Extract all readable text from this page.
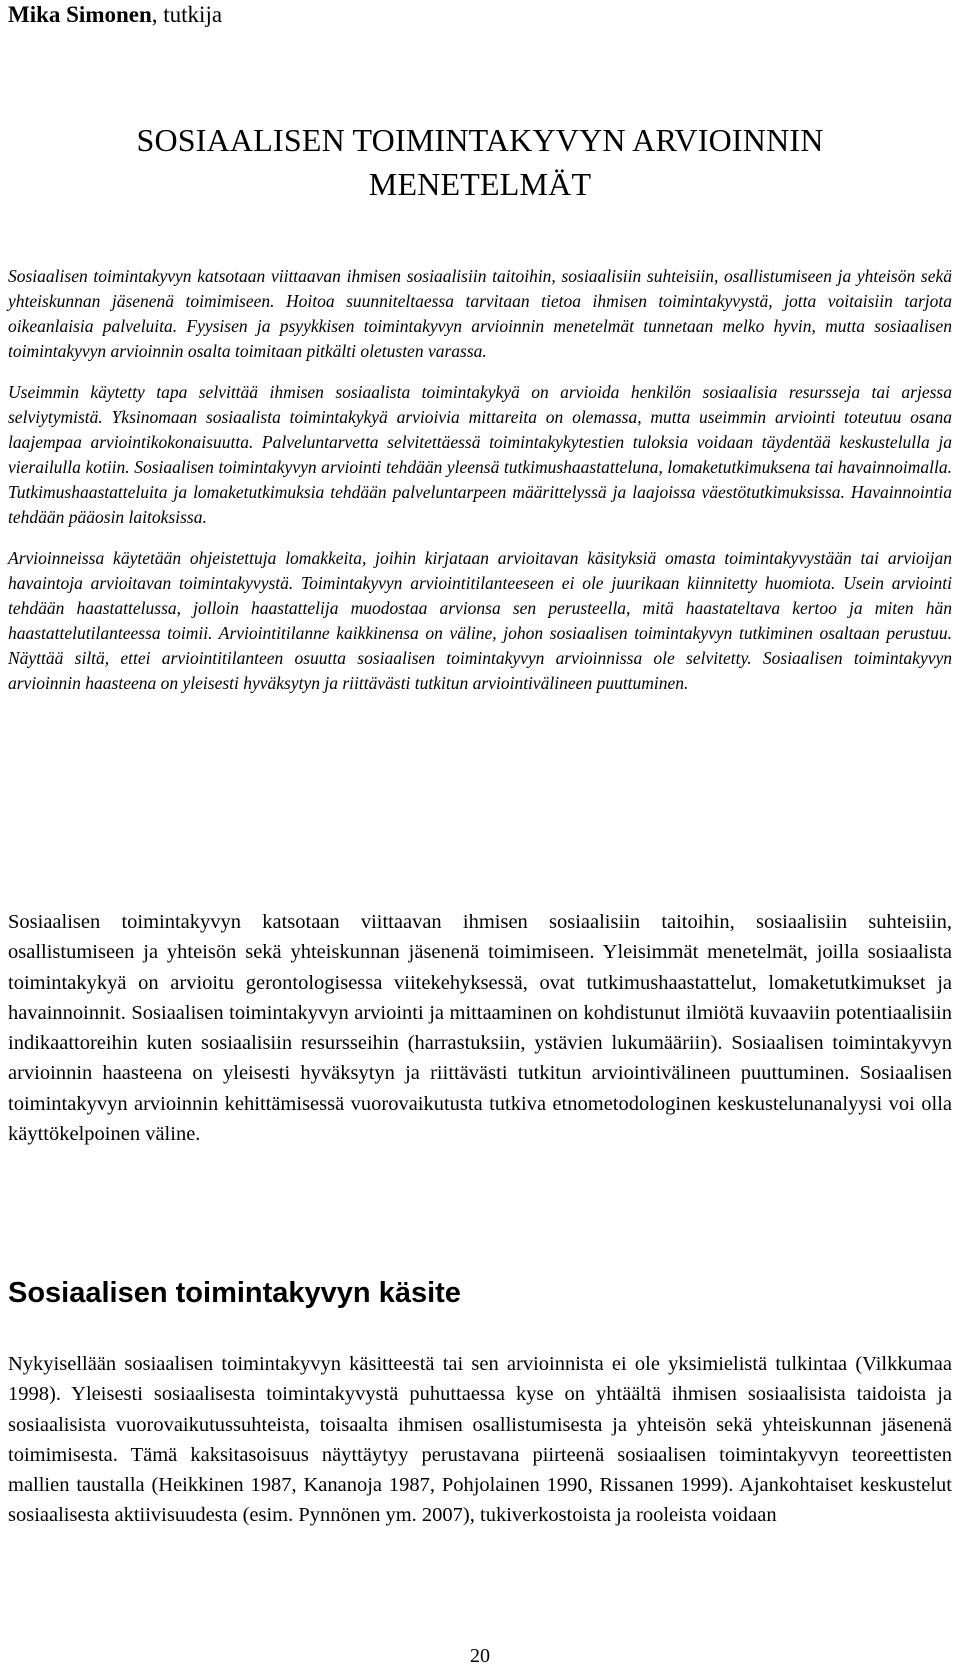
Mika Simonen, tutkija
SOSIAALISEN TOIMINTAKYVYN ARVIOINNIN
MENETELMÄT

Sosiaalisen toimintakyvyn katsotaan viittaavan ihmisen sosiaalisiin taitoihin, sosiaalisiin suhteisiin, osallistumiseen ja yhteisön sekä yhteiskunnan jäsenenä toimimiseen. Hoitoa suunniteltaessa tarvitaan tietoa ihmisen toimintakyvystä, jotta voitaisiin tarjota oikeanlaisia palveluita. Fyysisen ja psyykkisen toimintakyvyn arvioinnin menetelmät tunnetaan melko hyvin, mutta sosiaalisen toimintakyvyn arvioinnin osalta toimitaan pitkälti oletusten varassa.

Useimmin käytetty tapa selvittää ihmisen sosiaalista toimintakykyä on arvioida henkilön sosiaalisia resursseja tai arjessa selviytymistä. Yksinomaan sosiaalista toimintakykyä arvioivia mittareita on olemassa, mutta useimmin arviointi toteutuu osana laajempaa arviointikokonaisuutta. Palveluntarvetta selvitettäessä toimintakykytestien tuloksia voidaan täydentää keskustelulla ja vierailulla kotiin. Sosiaalisen toimintakyvyn arviointi tehdään yleensä tutkimushaastatteluna, lomaketutkimuksena tai havainnoimalla. Tutkimushaastatteluita ja lomaketutkimuksia tehdään palveluntarpeen määrittelyssä ja laajoissa väestötutkimuksissa. Havainnointia tehdään pääosin laitoksissa.

Arvioinneissa käytetään ohjeistettuja lomakkeita, joihin kirjataan arvioitavan käsityksiä omasta toimintakyvystään tai arvioijan havaintoja arvioitavan toimintakyvystä. Toimintakyvyn arviointitilanteeseen ei ole juurikaan kiinnitetty huomiota. Usein arviointi tehdään haastattelussa, jolloin haastattelija muodostaa arvionsa sen perusteella, mitä haastateltava kertoo ja miten hän haastattelutilanteessa toimii. Arviointitilanne kaikkinensa on väline, johon sosiaalisen toimintakyvyn tutkiminen osaltaan perustuu. Näyttää siltä, ettei arviointitilanteen osuutta sosiaalisen toimintakyvyn arvioinnissa ole selvitetty. Sosiaalisen toimintakyvyn arvioinnin haasteena on yleisesti hyväksytyn ja riittävästi tutkitun arviointivälineen puuttuminen.

Sosiaalisen toimintakyvyn katsotaan viittaavan ihmisen sosiaalisiin taitoihin, sosiaalisiin suhteisiin, osallistumiseen ja yhteisön sekä yhteiskunnan jäsenenä toimimiseen. Yleisimmät menetelmät, joilla sosiaalista toimintakykyä on arvioitu gerontologisessa viitekehyksessä, ovat tutkimushaastattelut, lomaketutkimukset ja havainnoinnit. Sosiaalisen toimintakyvyn arviointi ja mittaaminen on kohdistunut ilmiötä kuvaaviin potentiaalisiin indikaattoreihin kuten sosiaalisiin resursseihin (harrastuksiin, ystävien lukumääriin). Sosiaalisen toimintakyvyn arvioinnin haasteena on yleisesti hyväksytyn ja riittävästi tutkitun arviointivälineen puuttuminen. Sosiaalisen toimintakyvyn arvioinnin kehittämisessä vuorovaikutusta tutkiva etnometodologinen keskustelunanalyysi voi olla käyttökelpoinen väline.

Sosiaalisen toimintakyvyn käsite

Nykyisellään sosiaalisen toimintakyvyn käsitteestä tai sen arvioinnista ei ole yksimielistä tulkintaa (Vilkkumaa 1998). Yleisesti sosiaalisesta toimintakyvystä puhuttaessa kyse on yhtäältä ihmisen sosiaalisista taidoista ja sosiaalisista vuorovaikutussuhteista, toisaalta ihmisen osallistumisesta ja yhteisön sekä yhteiskunnan jäsenenä toimimisesta. Tämä kaksitasoisuus näyttäytyy perustavana piirteenä sosiaalisen toimintakyvyn teoreettisten mallien taustalla (Heikkinen 1987, Kananoja 1987, Pohjolainen 1990, Rissanen 1999). Ajankohtaiset keskustelut sosiaalisesta aktiivisuudesta (esim. Pynnönen ym. 2007), tukiverkostoista ja rooleista voidaan

20
